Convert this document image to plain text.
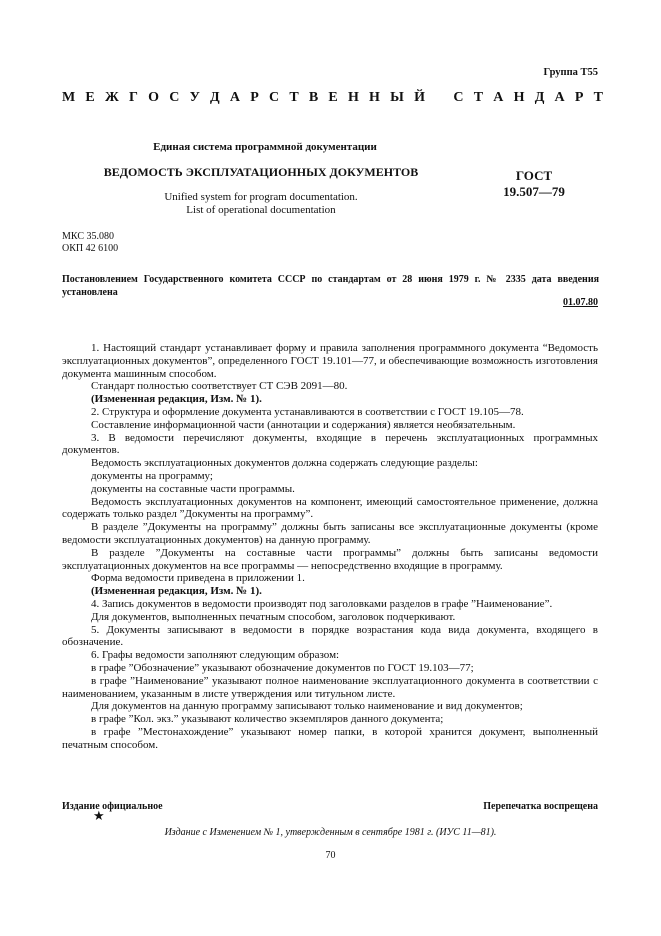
Группа Т55
М Е Ж Г О С У Д А Р С Т В Е Н Н Ы Й С Т А Н Д А Р Т
Единая система программной документации
ВЕДОМОСТЬ ЭКСПЛУАТАЦИОННЫХ ДОКУМЕНТОВ
Unified system for program documentation.
List of operational documentation
ГОСТ
19.507—79
МКС 35.080
ОКП 42 6100
Постановлением Государственного комитета СССР по стандартам от 28 июня 1979 г. № 2335 дата введения установлена
01.07.80

1. Настоящий стандарт устанавливает форму и правила заполнения программного документа “Ведомость эксплуатационных документов”, определенного ГОСТ 19.101—77, и обеспечивающие возможность изготовления документа машинным способом.

Стандарт полностью соответствует СТ СЭВ 2091—80.

(Измененная редакция, Изм. № 1).

2. Структура и оформление документа устанавливаются в соответствии с ГОСТ 19.105—78.

Составление информационной части (аннотации и содержания) является необязательным.

3. В ведомости перечисляют документы, входящие в перечень эксплуатационных программных документов.

Ведомость эксплуатационных документов должна содержать следующие разделы:

документы на программу;

документы на составные части программы.

Ведомость эксплуатационных документов на компонент, имеющий самостоятельное применение, должна содержать только раздел ”Документы на программу”.

В разделе ”Документы на программу” должны быть записаны все эксплуатационные документы (кроме ведомости эксплуатационных документов) на данную программу.

В разделе ”Документы на составные части программы” должны быть записаны ведомости эксплуатационных документов на все программы — непосредственно входящие в программу.

Форма ведомости приведена в приложении 1.

(Измененная редакция, Изм. № 1).

4. Запись документов в ведомости производят под заголовками разделов в графе ”Наименование”.

Для документов, выполненных печатным способом, заголовок подчеркивают.

5. Документы записывают в ведомости в порядке возрастания кода вида документа, входящего в обозначение.

6. Графы ведомости заполняют следующим образом:

в графе ”Обозначение” указывают обозначение документов по ГОСТ 19.103—77;

в графе ”Наименование” указывают полное наименование эксплуатационного документа в соответствии с наименованием, указанным в листе утверждения или титульном листе.

Для документов на данную программу записывают только наименование и вид документов;

в графе ”Кол. экз.” указывают количество экземпляров данного документа;

в графе ”Местонахождение” указывают номер папки, в которой хранится документ, выполненный печатным способом.

Издание официальное	Перепечатка воспрещена
★
Издание с Изменением № 1, утвержденным в сентябре 1981 г. (ИУС 11—81).
70
